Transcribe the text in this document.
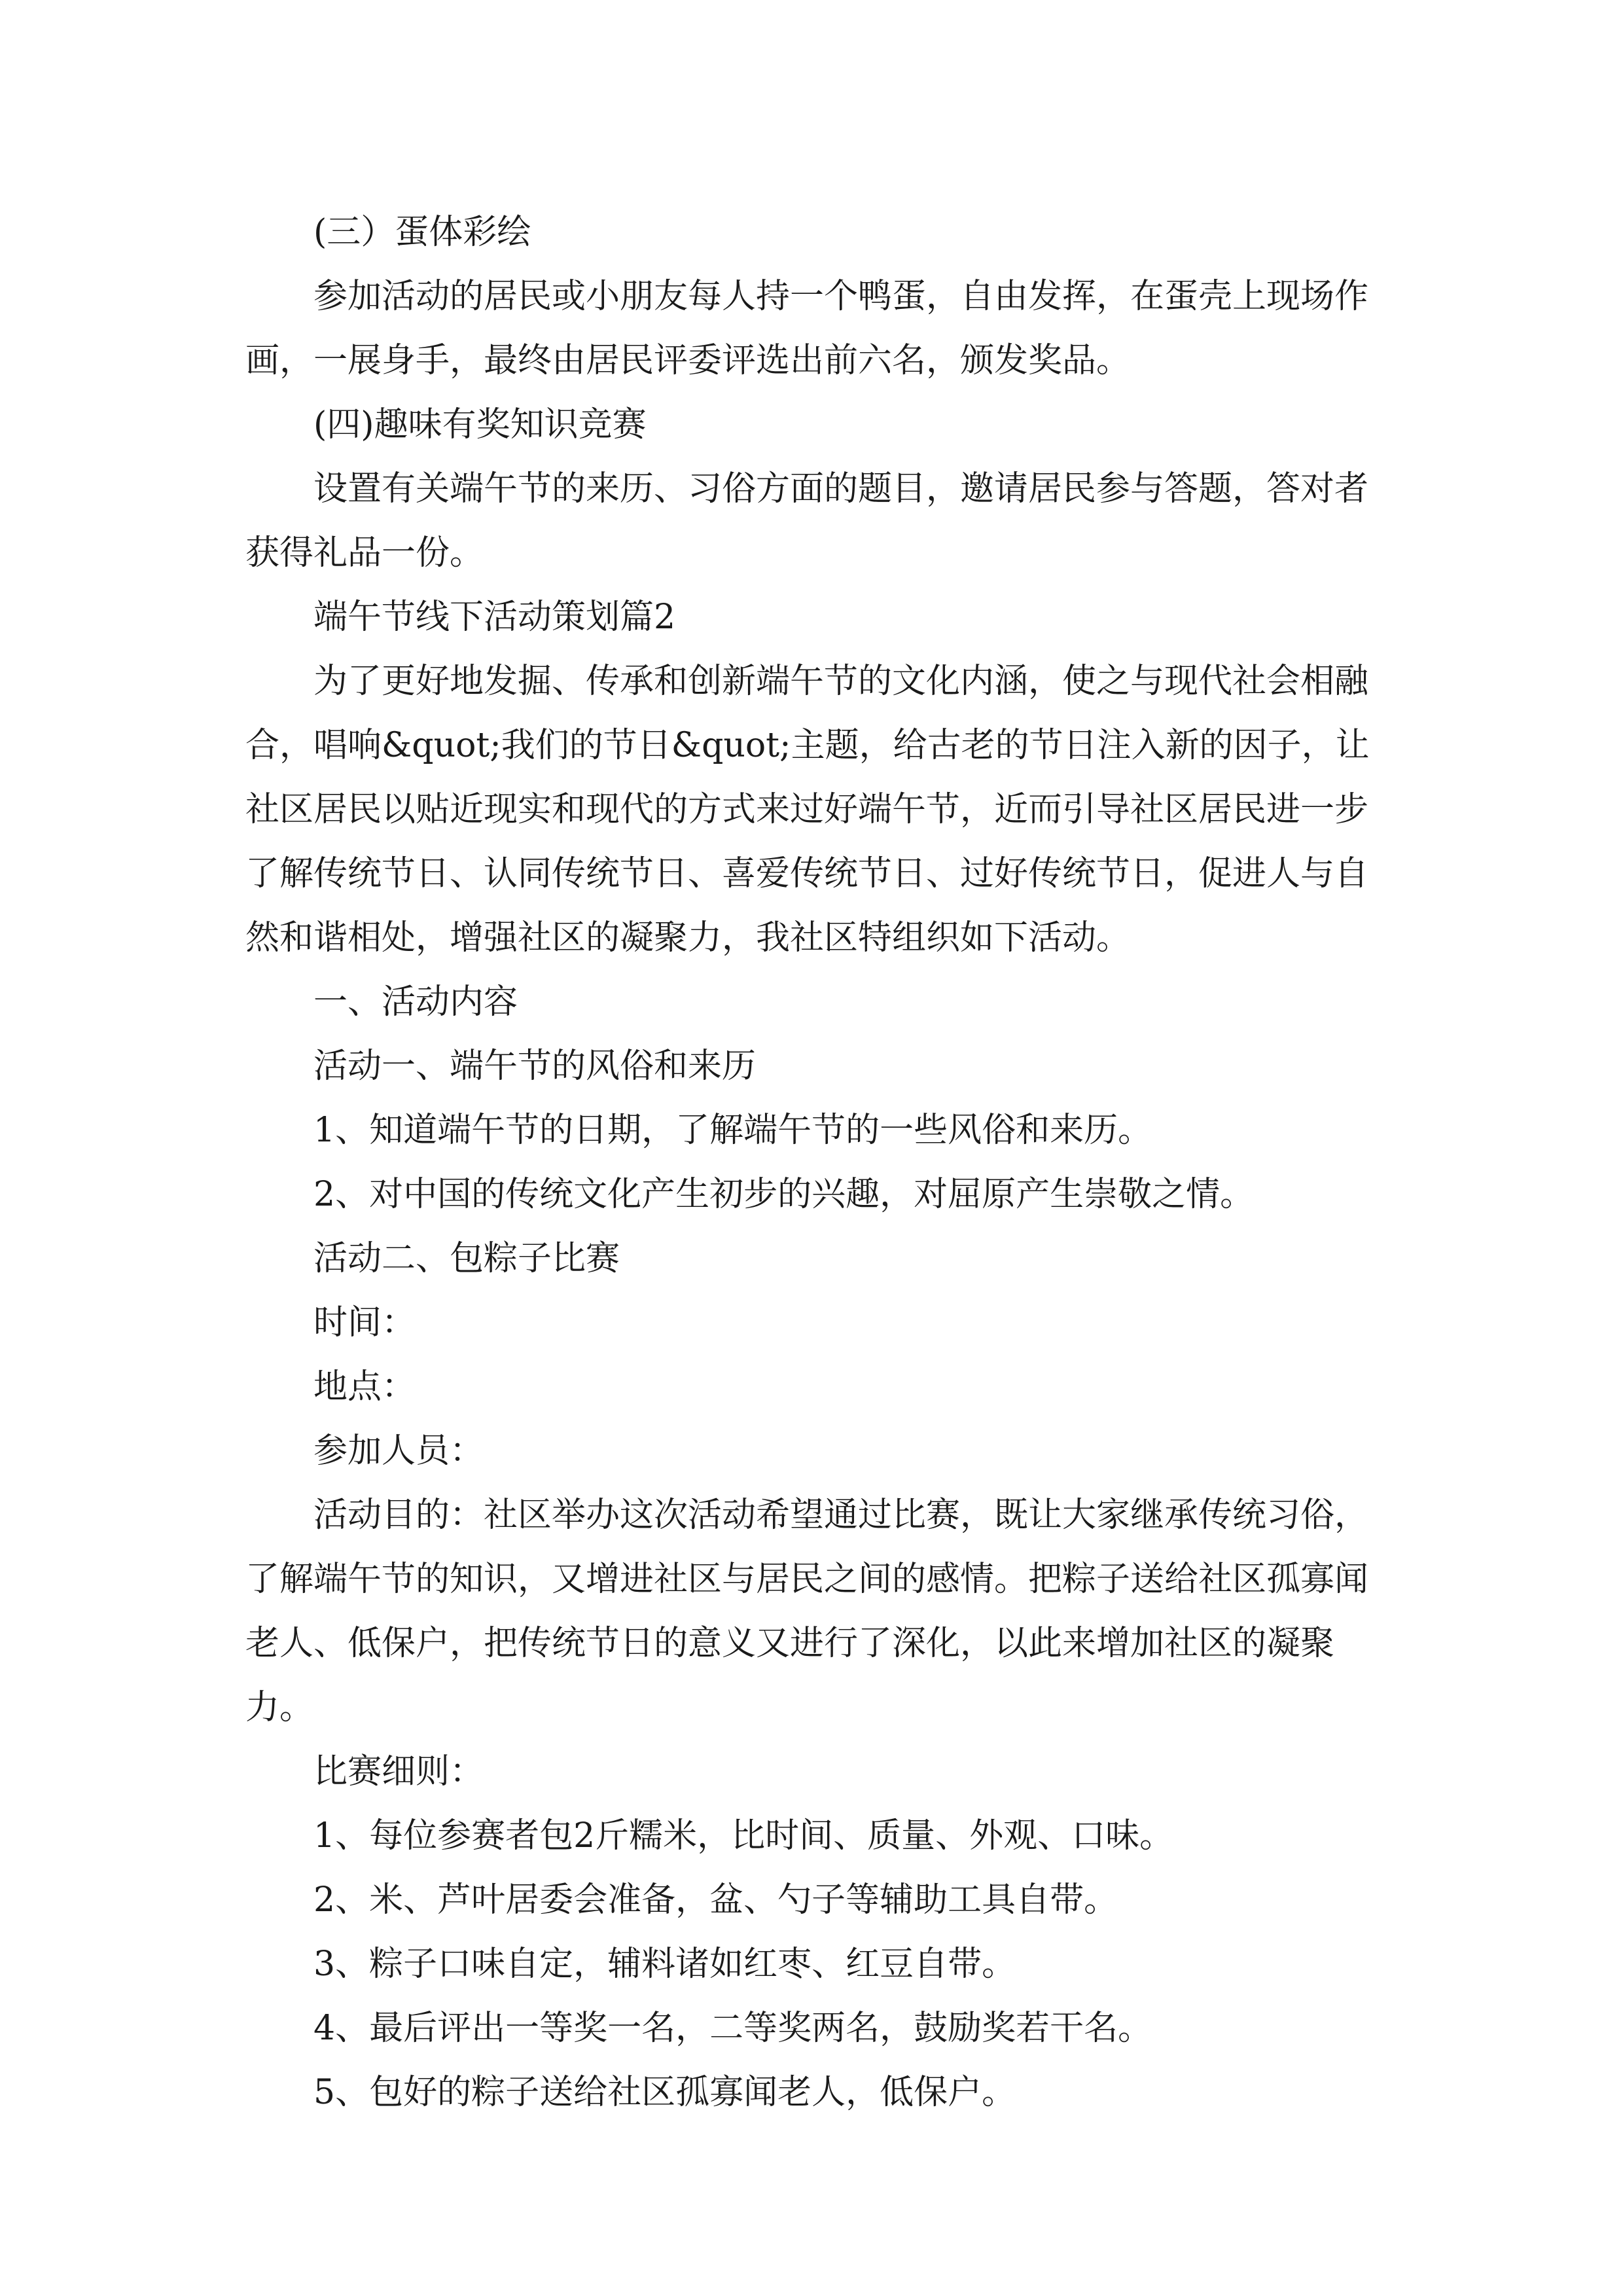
(三）蛋体彩绘

参加活动的居民或小朋友每人持一个鸭蛋，自由发挥，在蛋壳上现场作画，一展身手，最终由居民评委评选出前六名，颁发奖品。

(四)趣味有奖知识竞赛

设置有关端午节的来历、习俗方面的题目，邀请居民参与答题，答对者获得礼品一份。

端午节线下活动策划篇2

为了更好地发掘、传承和创新端午节的文化内涵，使之与现代社会相融合，唱响&quot;我们的节日&quot;主题，给古老的节日注入新的因子，让社区居民以贴近现实和现代的方式来过好端午节，近而引导社区居民进一步了解传统节日、认同传统节日、喜爱传统节日、过好传统节日，促进人与自然和谐相处，增强社区的凝聚力，我社区特组织如下活动。

一、活动内容

活动一、端午节的风俗和来历

1、知道端午节的日期，了解端午节的一些风俗和来历。

2、对中国的传统文化产生初步的兴趣，对屈原产生崇敬之情。

活动二、包粽子比赛

时间：

地点：

参加人员：

活动目的：社区举办这次活动希望通过比赛，既让大家继承传统习俗，了解端午节的知识，又增进社区与居民之间的感情。把粽子送给社区孤寡闻老人、低保户，把传统节日的意义又进行了深化，以此来增加社区的凝聚力。

比赛细则：

1、每位参赛者包2斤糯米，比时间、质量、外观、口味。

2、米、芦叶居委会准备，盆、勺子等辅助工具自带。

3、粽子口味自定，辅料诸如红枣、红豆自带。

4、最后评出一等奖一名，二等奖两名，鼓励奖若干名。

5、包好的粽子送给社区孤寡闻老人，低保户。
